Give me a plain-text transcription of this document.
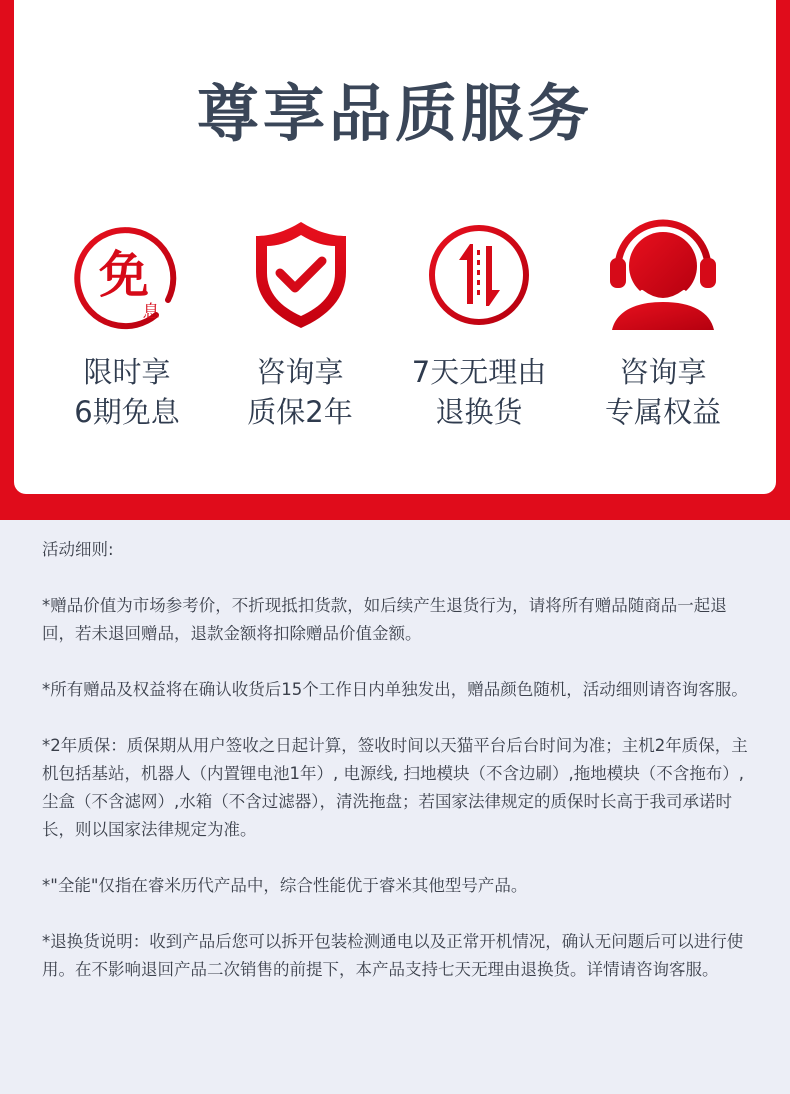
尊享品质服务
免
息
限时享
6期免息
咨询享
质保2年
7天无理由
退换货
咨询享
专属权益

活动细则:

*赠品价值为市场参考价，不折现抵扣货款，如后续产生退货行为，请将所有赠品随商品一起退回，若未退回赠品，退款金额将扣除赠品价值金额。

*所有赠品及权益将在确认收货后15个工作日内单独发出，赠品颜色随机，活动细则请咨询客服。

*2年质保：质保期从用户签收之日起计算，签收时间以天猫平台后台时间为准；主机2年质保，主机包括基站，机器人（内置锂电池1年）, 电源线, 扫地模块（不含边刷）,拖地模块（不含拖布）,尘盒（不含滤网）,水箱（不含过滤器），清洗拖盘；若国家法律规定的质保时长高于我司承诺时长，则以国家法律规定为准。

*"全能"仅指在睿米历代产品中，综合性能优于睿米其他型号产品。

*退换货说明：收到产品后您可以拆开包装检测通电以及正常开机情况，确认无问题后可以进行使用。在不影响退回产品二次销售的前提下，本产品支持七天无理由退换货。详情请咨询客服。
